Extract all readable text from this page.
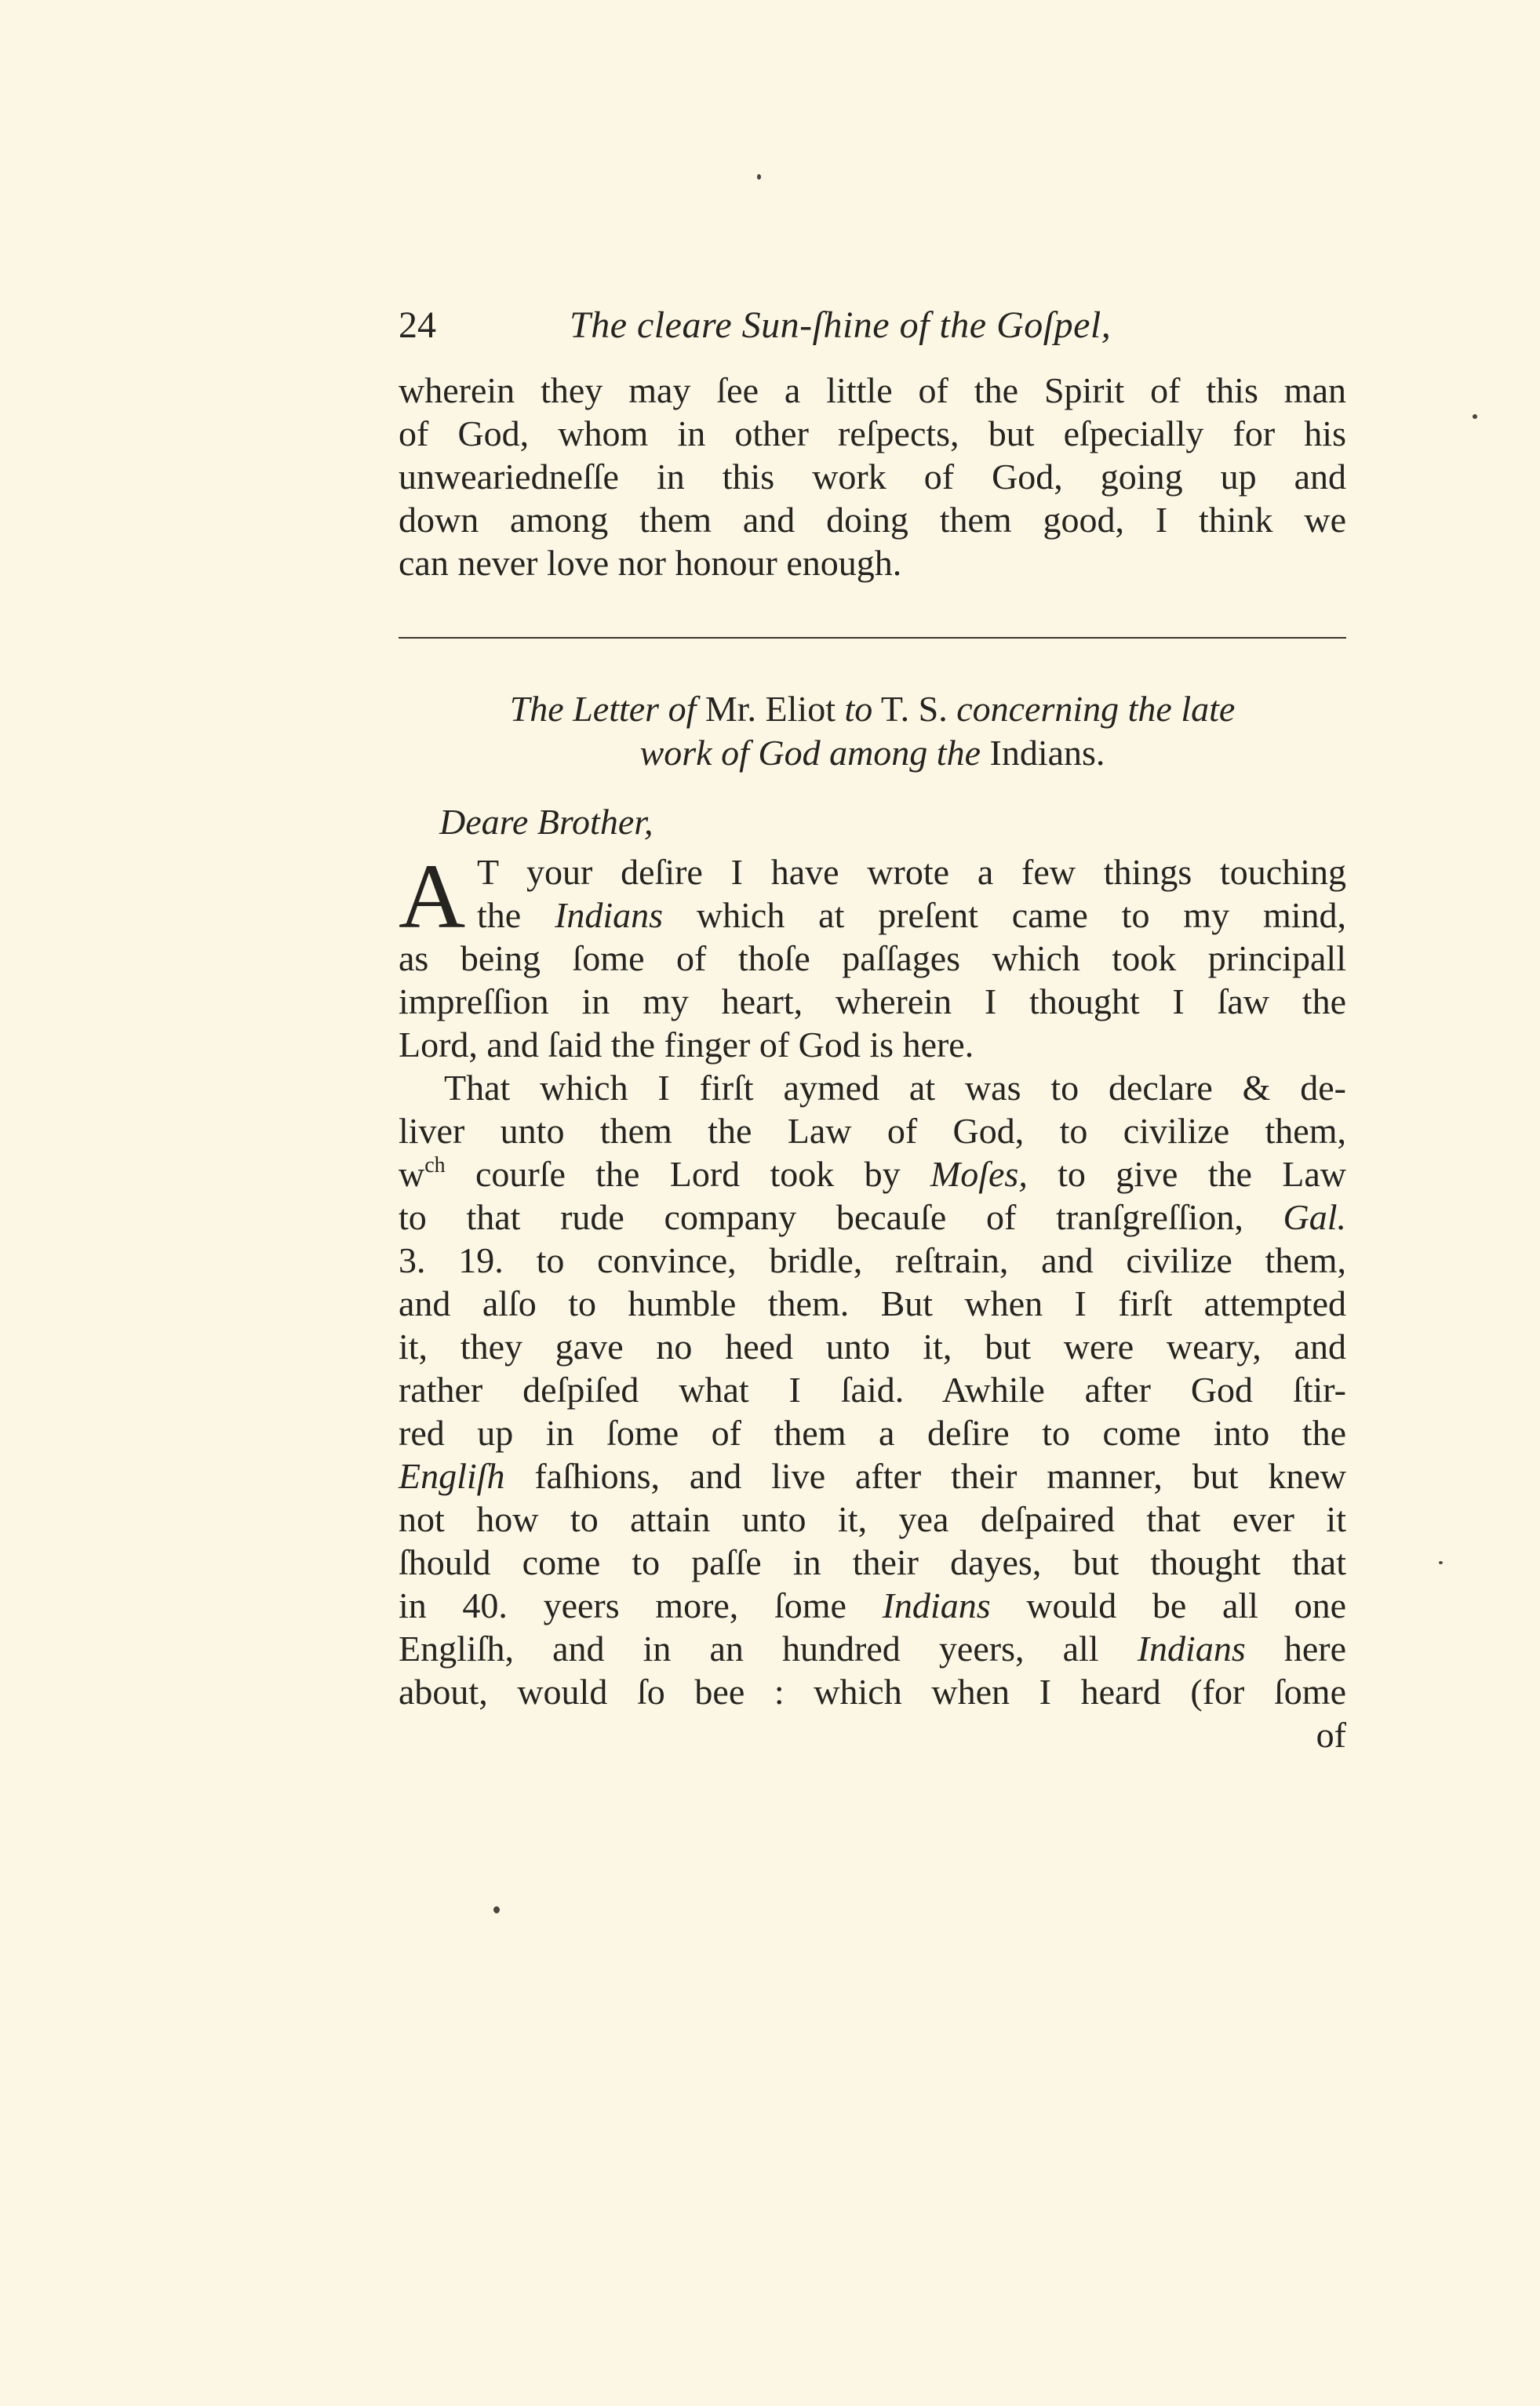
24	The cleare Sun-ſhine of the Goſpel,
wherein they may ſee a little of the Spirit of this man
of God, whom in other reſpects, but eſpecially for his
unweariedneſſe in this work of God, going up and
down among them and doing them good, I think we
can never love nor honour enough.
The Letter of Mr. Eliot to T. S. concerning the late
work of God among the Indians.
Deare Brother,
A T your deſire I have wrote a few things touching
the Indians which at preſent came to my mind,
as being ſome of thoſe paſſages which took principall
impreſſion in my heart, wherein I thought I ſaw the
Lord, and ſaid the finger of God is here.
That which I firſt aymed at was to declare & de-
liver unto them the Law of God, to civilize them,
$w^{ch}$ courſe the Lord took by Moſes, to give the Law
to that rude company becauſe of tranſgreſſion, Gal.
3. 19. to convince, bridle, reſtrain, and civilize them,
and alſo to humble them. But when I firſt attempted
it, they gave no heed unto it, but were weary, and
rather deſpiſed what I ſaid. Awhile after God ſtir-
red up in ſome of them a deſire to come into the
Engliſh faſhions, and live after their manner, but knew
not how to attain unto it, yea deſpaired that ever it
ſhould come to paſſe in their dayes, but thought that
in 40. yeers more, ſome Indians would be all one
Engliſh, and in an hundred yeers, all Indians here
about, would ſo bee : which when I heard (for ſome
of
